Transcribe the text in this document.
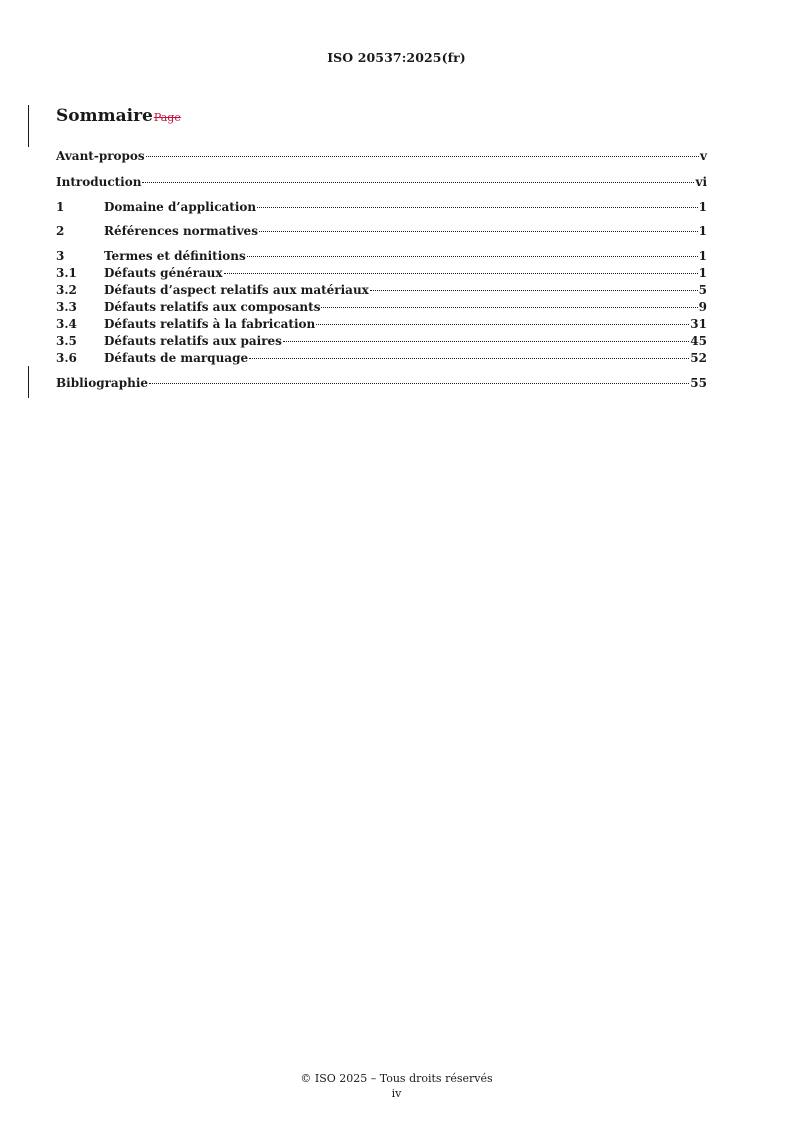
ISO 20537:2025(fr)
SommairePage
Avant-propos	v
Introduction	vi
1	Domaine d’application	1
2	Références normatives	1
3	Termes et définitions	1
3.1	Défauts généraux	1
3.2	Défauts d’aspect relatifs aux matériaux	5
3.3	Défauts relatifs aux composants	9
3.4	Défauts relatifs à la fabrication	31
3.5	Défauts relatifs aux paires	45
3.6	Défauts de marquage	52
Bibliographie	55
© ISO 2025 – Tous droits réservés
iv
